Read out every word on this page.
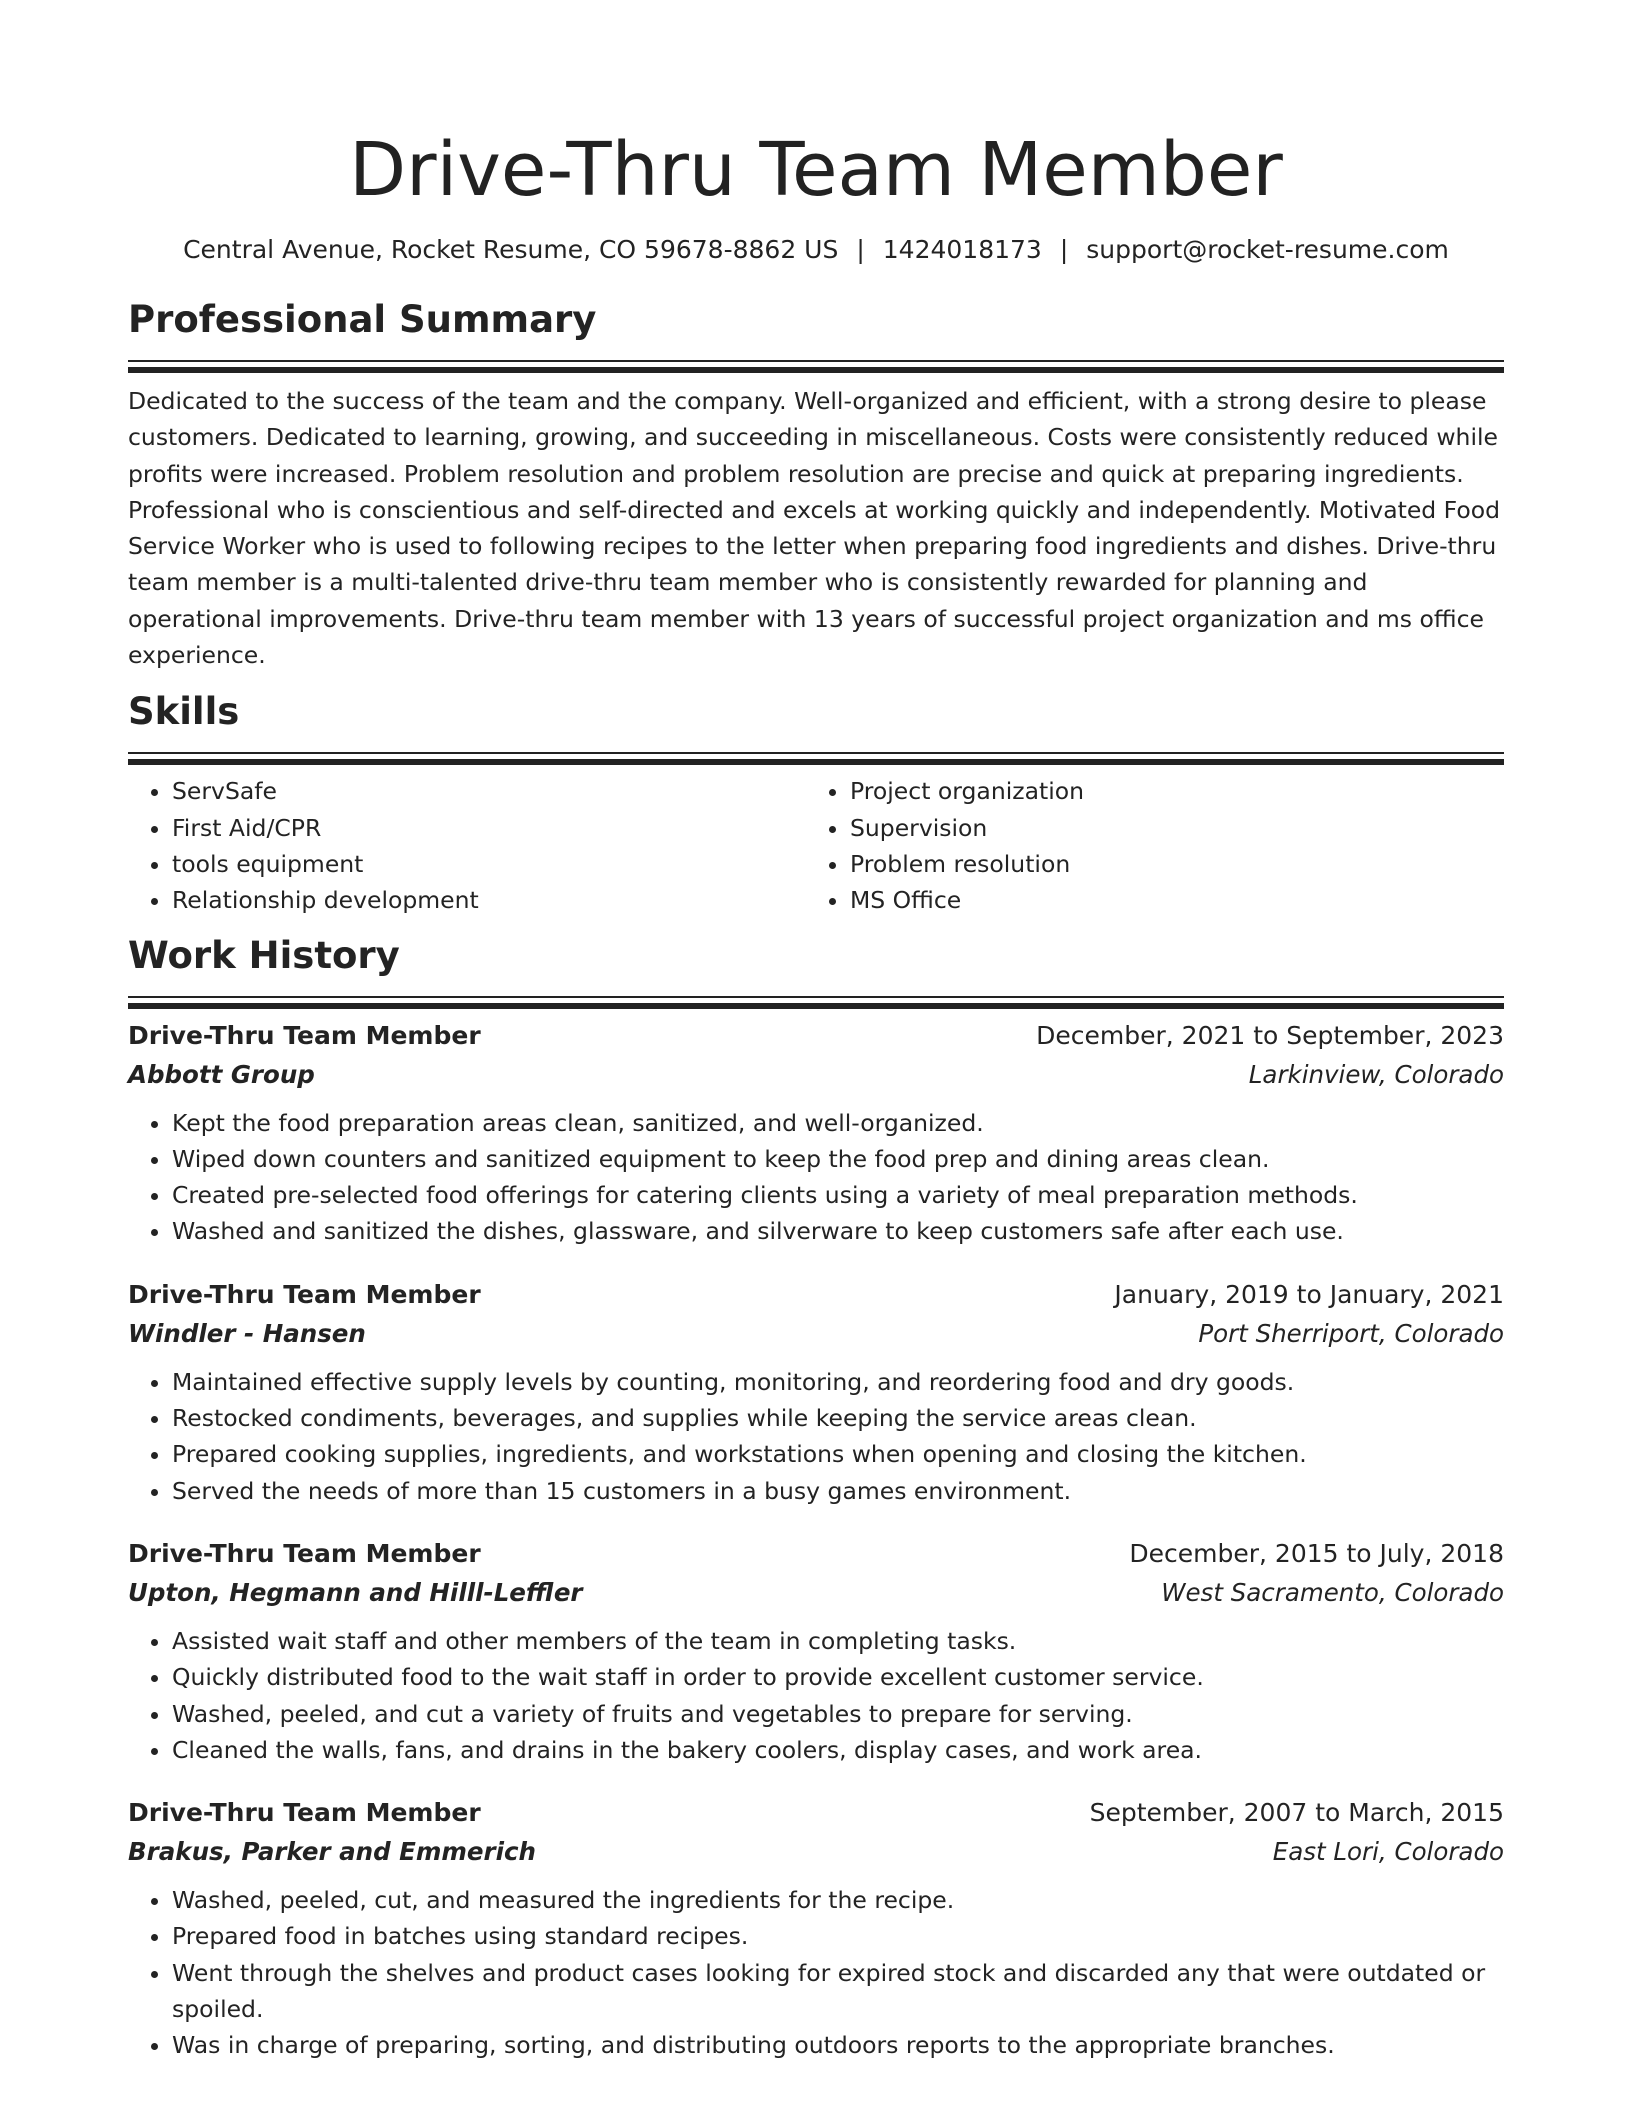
Drive-Thru Team Member
Central Avenue, Rocket Resume, CO 59678-8862 US | 1424018173 | support@rocket-resume.com
Professional Summary

Dedicated to the success of the team and the company. Well-organized and efficient, with a strong desire to please customers. Dedicated to learning, growing, and succeeding in miscellaneous. Costs were consistently reduced while profits were increased. Problem resolution and problem resolution are precise and quick at preparing ingredients. Professional who is conscientious and self-directed and excels at working quickly and independently. Motivated Food Service Worker who is used to following recipes to the letter when preparing food ingredients and dishes. Drive-thru team member is a multi-talented drive-thru team member who is consistently rewarded for planning and operational improvements. Drive-thru team member with 13 years of successful project organization and ms office experience.

Skills
• ServSafe
• First Aid/CPR
• tools equipment
• Relationship development
• Project organization
• Supervision
• Problem resolution
• MS Office
Work History
Drive-Thru Team Member	December, 2021 to September, 2023
Abbott Group	Larkinview, Colorado
• Kept the food preparation areas clean, sanitized, and well-organized.
• Wiped down counters and sanitized equipment to keep the food prep and dining areas clean.
• Created pre-selected food offerings for catering clients using a variety of meal preparation methods.
• Washed and sanitized the dishes, glassware, and silverware to keep customers safe after each use.
Drive-Thru Team Member	January, 2019 to January, 2021
Windler - Hansen	Port Sherriport, Colorado
• Maintained effective supply levels by counting, monitoring, and reordering food and dry goods.
• Restocked condiments, beverages, and supplies while keeping the service areas clean.
• Prepared cooking supplies, ingredients, and workstations when opening and closing the kitchen.
• Served the needs of more than 15 customers in a busy games environment.
Drive-Thru Team Member	December, 2015 to July, 2018
Upton, Hegmann and Hilll-Leffler	West Sacramento, Colorado
• Assisted wait staff and other members of the team in completing tasks.
• Quickly distributed food to the wait staff in order to provide excellent customer service.
• Washed, peeled, and cut a variety of fruits and vegetables to prepare for serving.
• Cleaned the walls, fans, and drains in the bakery coolers, display cases, and work area.
Drive-Thru Team Member	September, 2007 to March, 2015
Brakus, Parker and Emmerich	East Lori, Colorado
• Washed, peeled, cut, and measured the ingredients for the recipe.
• Prepared food in batches using standard recipes.
• Went through the shelves and product cases looking for expired stock and discarded any that were outdated or spoiled.
• Was in charge of preparing, sorting, and distributing outdoors reports to the appropriate branches.
